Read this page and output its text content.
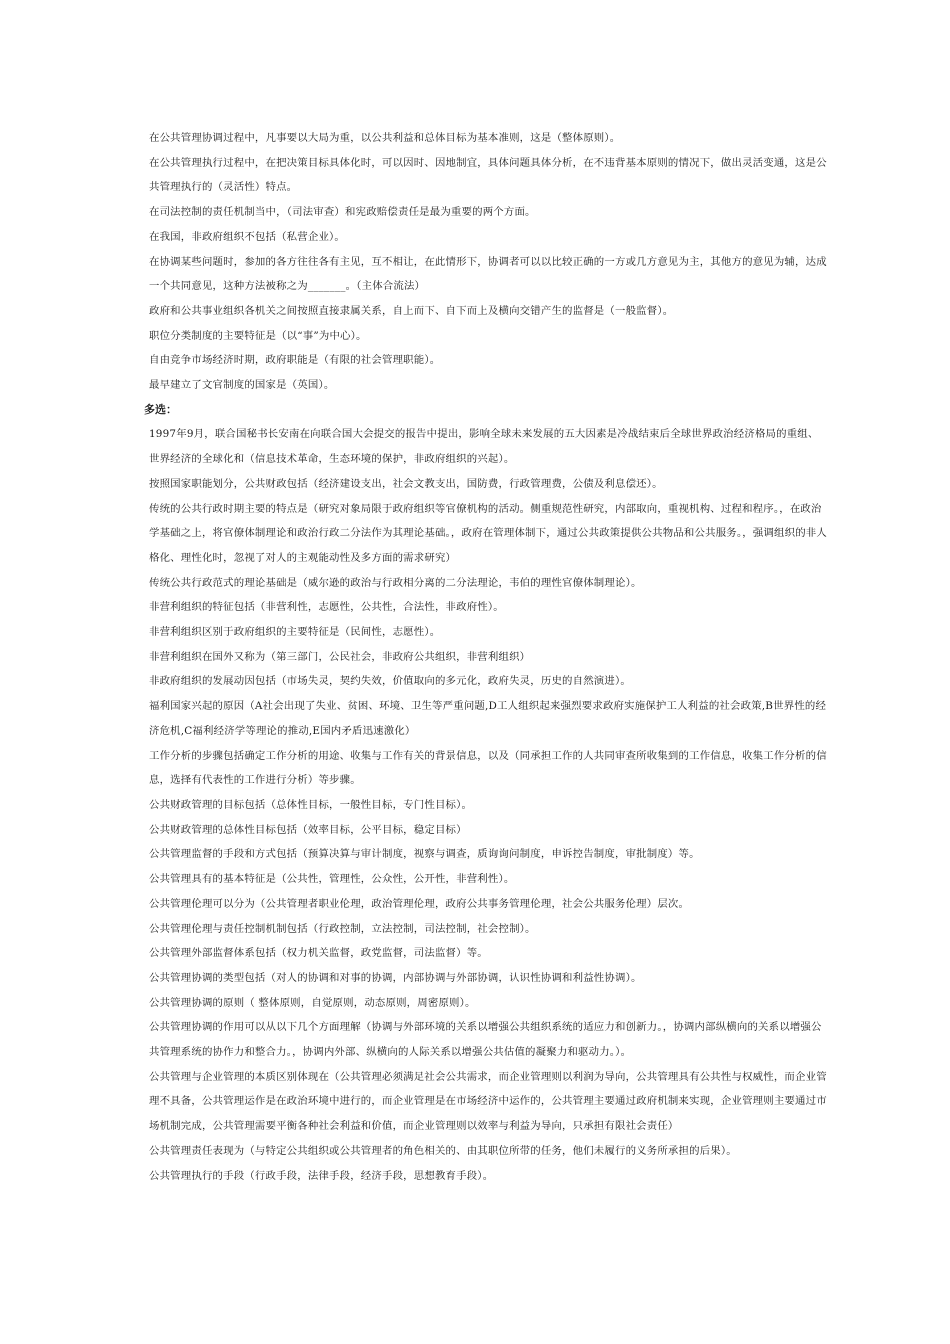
在公共管理协调过程中，凡事要以大局为重，以公共利益和总体目标为基本准则，这是（整体原则）。

在公共管理执行过程中，在把决策目标具体化时，可以因时、因地制宜，具体问题具体分析，在不违背基本原则的情况下，做出灵活变通，这是公共管理执行的（灵活性）特点。

在司法控制的责任机制当中，（司法审查）和宪政赔偿责任是最为重要的两个方面。

在我国，非政府组织不包括（私营企业）。

在协调某些问题时，参加的各方往往各有主见，互不相让，在此情形下，协调者可以以比较正确的一方或几方意见为主，其他方的意见为辅，达成一个共同意见，这种方法被称之为_______。（主体合流法）

政府和公共事业组织各机关之间按照直接隶属关系，自上而下、自下而上及横向交错产生的监督是（一般监督）。

职位分类制度的主要特征是（以“事”为中心）。

自由竞争市场经济时期，政府职能是（有限的社会管理职能）。

最早建立了文官制度的国家是（英国）。

多选：

1997年9月，联合国秘书长安南在向联合国大会提交的报告中提出，影响全球未来发展的五大因素是冷战结束后全球世界政治经济格局的重组、世界经济的全球化和（信息技术革命，生态环境的保护，非政府组织的兴起）。

按照国家职能划分，公共财政包括（经济建设支出，社会文教支出，国防费，行政管理费，公债及利息偿还）。

传统的公共行政时期主要的特点是（研究对象局限于政府组织等官僚机构的活动。侧重规范性研究，内部取向，重视机构、过程和程序。，在政治学基础之上，将官僚体制理论和政治行政二分法作为其理论基础。，政府在管理体制下，通过公共政策提供公共物品和公共服务。，强调组织的非人格化、理性化时，忽视了对人的主观能动性及多方面的需求研究）

传统公共行政范式的理论基础是（威尔逊的政治与行政相分离的二分法理论，韦伯的理性官僚体制理论）。

非营利组织的特征包括（非营利性，志愿性，公共性，合法性，非政府性）。

非营利组织区别于政府组织的主要特征是（民间性，志愿性）。

非营利组织在国外又称为（第三部门，公民社会，非政府公共组织，非营利组织）

非政府组织的发展动因包括（市场失灵，契约失效，价值取向的多元化，政府失灵，历史的自然演进）。

福利国家兴起的原因（A社会出现了失业、贫困、环境、卫生等严重问题,D工人组织起来强烈要求政府实施保护工人利益的社会政策,B世界性的经济危机,C福利经济学等理论的推动,E国内矛盾迅速激化）

工作分析的步骤包括确定工作分析的用途、收集与工作有关的背景信息，以及（同承担工作的人共同审查所收集到的工作信息，收集工作分析的信息，选择有代表性的工作进行分析）等步骤。

公共财政管理的目标包括（总体性目标，一般性目标，专门性目标）。

公共财政管理的总体性目标包括（效率目标，公平目标，稳定目标）

公共管理监督的手段和方式包括（预算决算与审计制度，视察与调查，质询询问制度，申诉控告制度，审批制度）等。

公共管理具有的基本特征是（公共性，管理性，公众性，公开性，非营利性）。

公共管理伦理可以分为（公共管理者职业伦理，政治管理伦理，政府公共事务管理伦理，社会公共服务伦理）层次。

公共管理伦理与责任控制机制包括（行政控制，立法控制，司法控制，社会控制）。

公共管理外部监督体系包括（权力机关监督，政党监督，司法监督）等。

公共管理协调的类型包括（对人的协调和对事的协调，内部协调与外部协调，认识性协调和利益性协调）。

公共管理协调的原则（ 整体原则，自觉原则，动态原则，周密原则）。

公共管理协调的作用可以从以下几个方面理解（协调与外部环境的关系以增强公共组织系统的适应力和创新力。，协调内部纵横向的关系以增强公共管理系统的协作力和整合力。，协调内外部、纵横向的人际关系以增强公共估值的凝聚力和驱动力。）。

公共管理与企业管理的本质区别体现在（公共管理必须满足社会公共需求，而企业管理则以利润为导向，公共管理具有公共性与权威性，而企业管理不具备，公共管理运作是在政治环境中进行的，而企业管理是在市场经济中运作的，公共管理主要通过政府机制来实现，企业管理则主要通过市场机制完成，公共管理需要平衡各种社会利益和价值，而企业管理则以效率与利益为导向，只承担有限社会责任）

公共管理责任表现为（与特定公共组织或公共管理者的角色相关的、由其职位所带的任务，他们未履行的义务所承担的后果）。

公共管理执行的手段（行政手段，法律手段，经济手段，思想教育手段）。
